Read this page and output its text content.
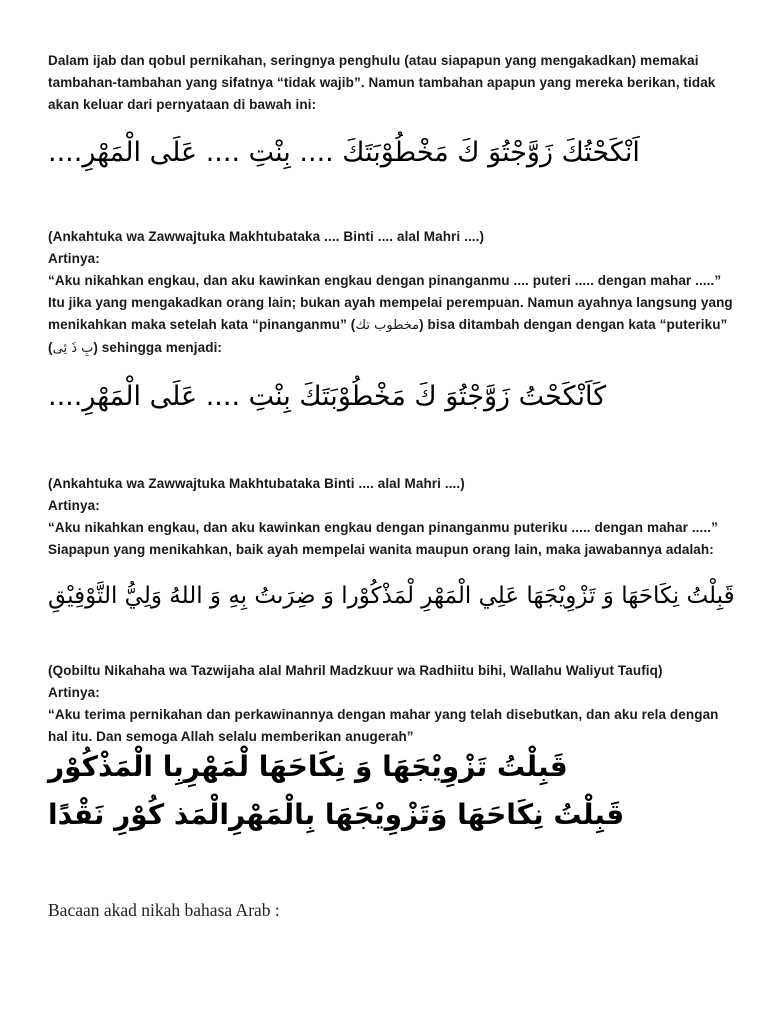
Dalam ijab dan qobul pernikahan, seringnya penghulu (atau siapapun yang mengakadkan) memakai tambahan-tambahan yang sifatnya “tidak wajib”. Namun tambahan apapun yang mereka berikan, tidak akan keluar dari pernyataan di bawah ini:
اَنْكَحْتُكَ زَوَّجْتُوَ كَ مَخْطُوْبَتَكَ .... بِنْتِ .... عَلَى الْمَهْرِ....
(Ankahtuka wa Zawwajtuka Makhtubataka .... Binti .... alal Mahri ....)
Artinya:
“Aku nikahkan engkau, dan aku kawinkan engkau dengan pinanganmu .... puteri ..... dengan mahar .....”
Itu jika yang mengakadkan orang lain; bukan ayah mempelai perempuan. Namun ayahnya langsung yang menikahkan maka setelah kata “pinanganmu” (مخطوب تك) bisa ditambah dengan dengan kata “puteriku” (بِ ذَ ئِى) sehingga menjadi:
كَاَنْكَحْتُ زَوَّجْتُوَ كَ مَخْطُوْبَتَكَ بِنْتِ .... عَلَى الْمَهْرِ....
(Ankahtuka wa Zawwajtuka Makhtubataka Binti .... alal Mahri ....)
Artinya:
“Aku nikahkan engkau, dan aku kawinkan engkau dengan pinanganmu puteriku ..... dengan mahar .....”
Siapapun yang menikahkan, baik ayah mempelai wanita maupun orang lain, maka jawabannya adalah:
قَبِلْتُ نِكَاحَهَا وَ تَزْوِيْجَهَا عَلِي الْمَهْرِ لْمَذْكُوْرا وَ ضِرَىتُ بِهِ وَ اللهُ وَلِيُّ التَّوْفِيْقِ
(Qobiltu Nikahaha wa Tazwijaha alal Mahril Madzkuur wa Radhiitu bihi, Wallahu Waliyut Taufiq)
Artinya:
“Aku terima pernikahan dan perkawinannya dengan mahar yang telah disebutkan, dan aku rela dengan hal itu. Dan semoga Allah selalu memberikan anugerah”
قَبِلْتُ تَزْوِيْجَهَا وَ نِكَاحَهَا لْمَهْرِبِا الْمَذْكُوْر
قَبِلْتُ نِكَاحَهَا وَتَزْوِيْجَهَا بِالْمَهْرِالْمَذ كُوْرِ نَقْدًا
Bacaan akad nikah bahasa Arab :
